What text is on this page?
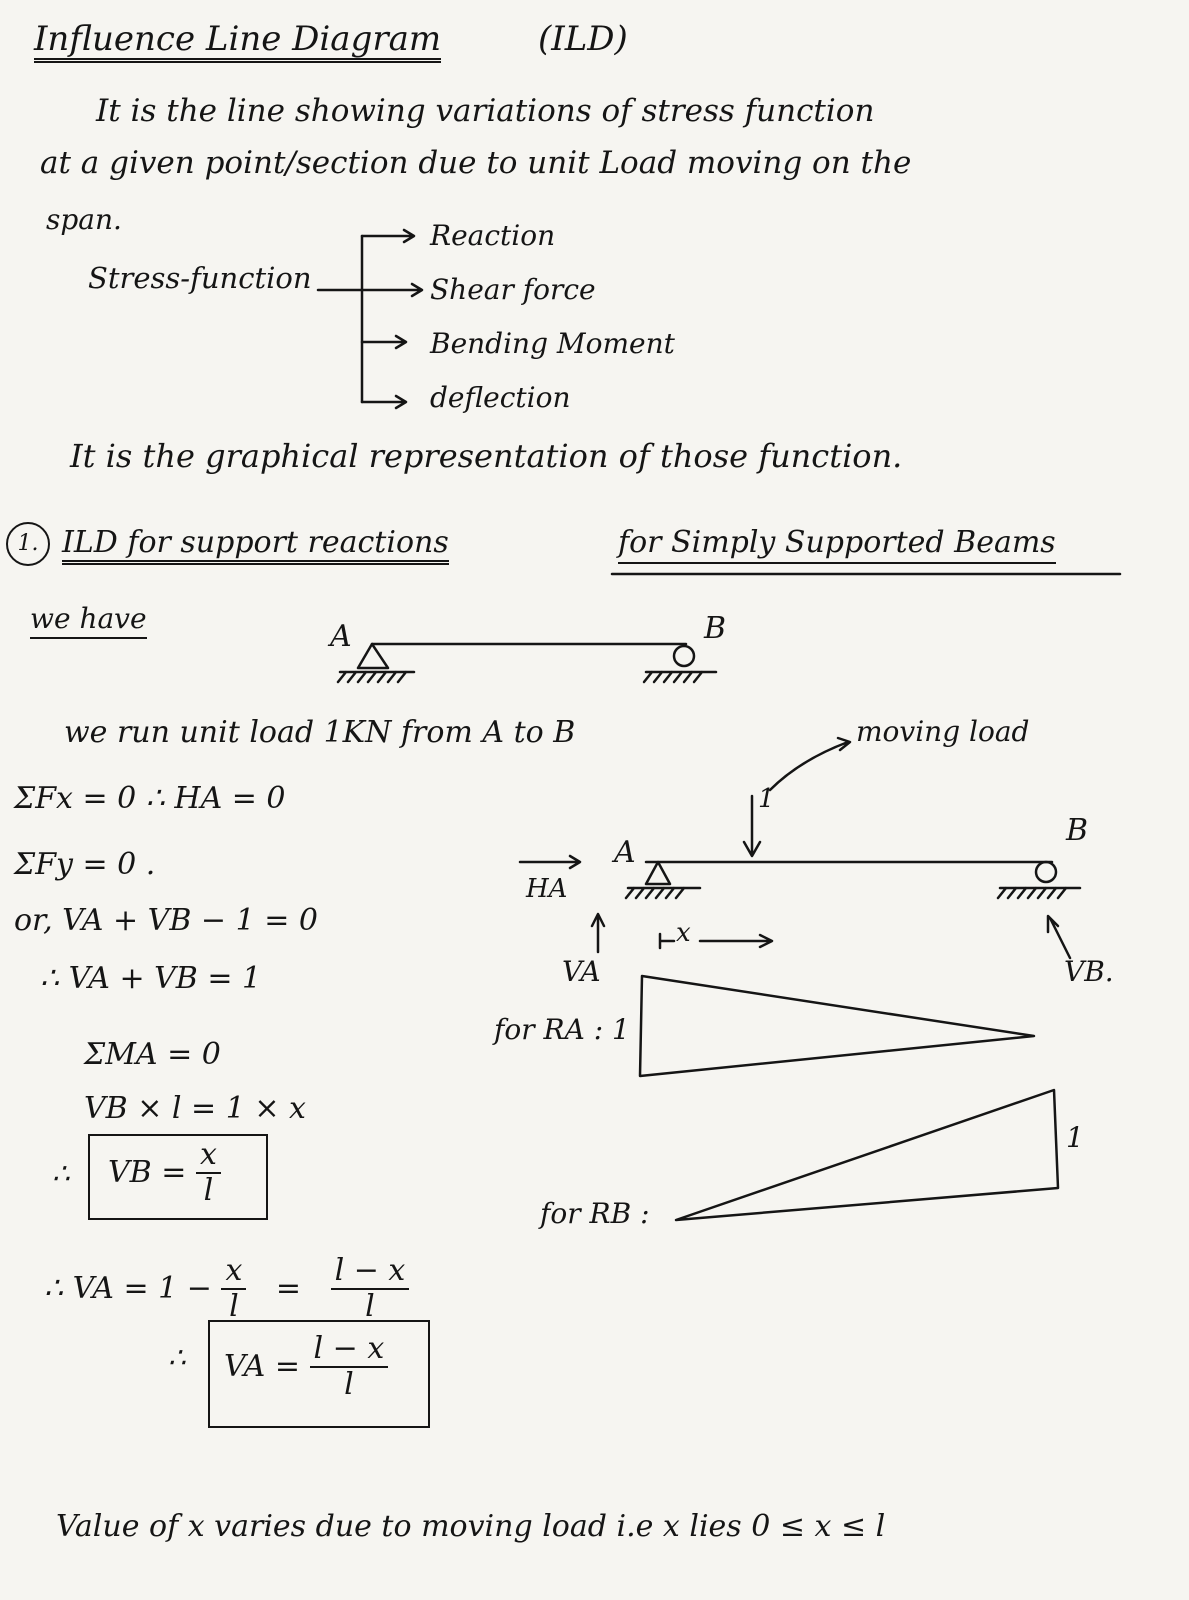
Influence Line Diagram	(ILD)
It is the line showing variations of stress function
at a given point/section due to unit Load moving on the
span.
Stress-function
Reaction
Shear force
Bending Moment
deflection
It is the graphical representation of those function.
1. ILD for support reactions	for Simply Supported Beams
we have
A	B
we run unit load 1KN from A to B	moving load
ΣFx = 0 ∴ HA = 0
ΣFy = 0 .
or, VA + VB − 1 = 0
∴ VA + VB = 1
ΣMA = 0
VB × l = 1 × x
∴ VB = $\frac{x}{l}$
∴ VA = $1 - \frac{x}{l} = \frac{l - x}{l}$
∴ VA = $\frac{l - x}{l}$
1
A
B
HA
VA	VB.
x
for RA : 1
for RB :
1
Value of x varies due to moving load i.e x lies 0 ≤ x ≤ l
